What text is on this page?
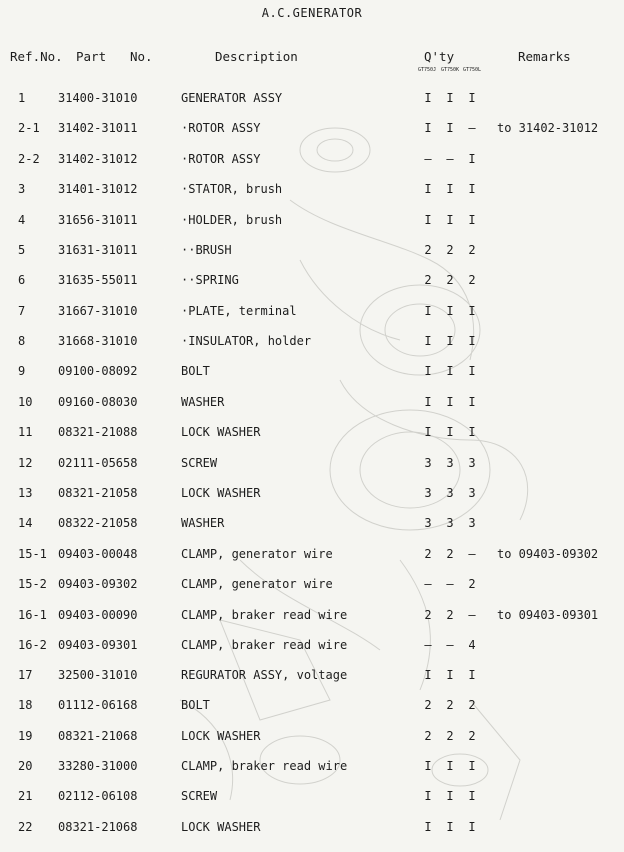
A.C.GENERATOR
Ref.No. Part No.	Description	Q'ty	Remarks
GT750J GT750K GT750L
1	31400-31010	GENERATOR ASSY	I I I
2-1 31402-31011	·ROTOR ASSY	I I – to 31402-31012
2-2 31402-31012	·ROTOR ASSY	– – I
3	31401-31012	·STATOR, brush	I I I
4	31656-31011	·HOLDER, brush	I I I
5	31631-31011	··BRUSH	2 2 2
6	31635-55011	··SPRING	2 2 2
7	31667-31010	·PLATE, terminal	I I I
8	31668-31010	·INSULATOR, holder	I I I
9	09100-08092	BOLT	I I I
10 09160-08030	WASHER	I I I
11 08321-21088	LOCK WASHER	I I I
12 02111-05658	SCREW	3 3 3
13 08321-21058	LOCK WASHER	3 3 3
14 08322-21058	WASHER	3 3 3
15-1 09403-00048	CLAMP, generator wire	2 2 – to 09403-09302
15-2 09403-09302	CLAMP, generator wire	– – 2
16-1 09403-00090	CLAMP, braker read wire	2 2 – to 09403-09301
16-2 09403-09301	CLAMP, braker read wire	– – 4
17 32500-31010	REGURATOR ASSY, voltage	I I I
18 01112-06168	BOLT	2 2 2
19 08321-21068	LOCK WASHER	2 2 2
20 33280-31000	CLAMP, braker read wire	I I I
21 02112-06108	SCREW	I I I
22 08321-21068	LOCK WASHER	I I I
